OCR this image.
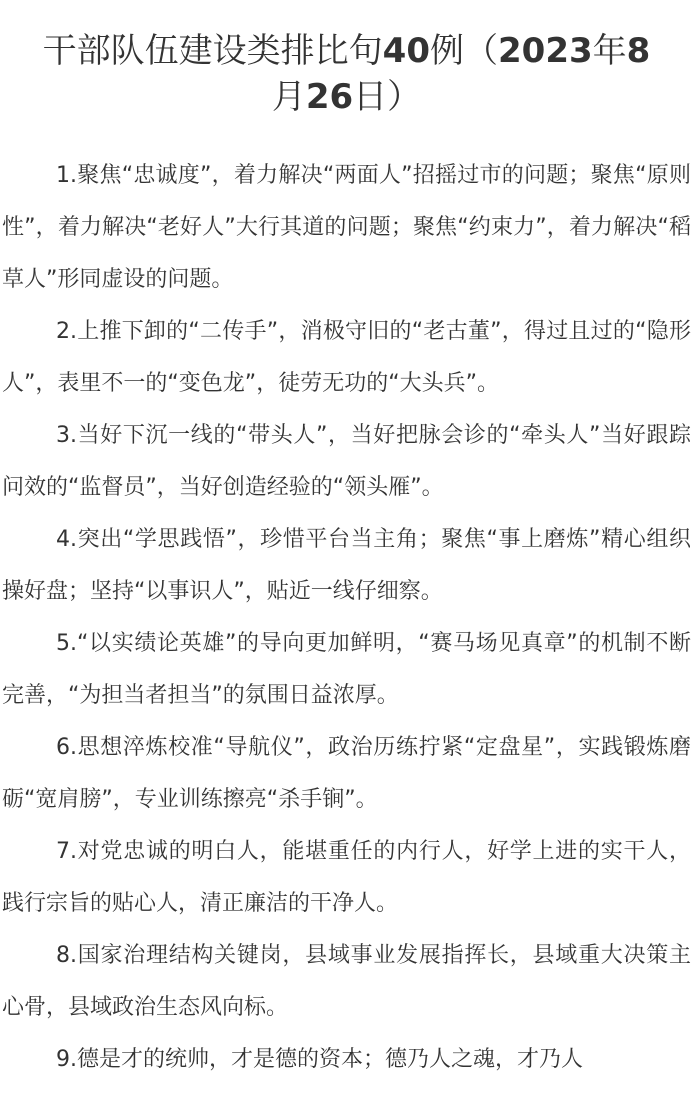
干部队伍建设类排比句40例（2023年8
月26日）

1.聚焦“忠诚度”，着力解决“两面人”招摇过市的问题；聚焦“原则性”，着力解决“老好人”大行其道的问题；聚焦“约束力”，着力解决“稻草人”形同虚设的问题。

2.上推下卸的“二传手”，消极守旧的“老古董”，得过且过的“隐形人”，表里不一的“变色龙”，徒劳无功的“大头兵”。

3.当好下沉一线的“带头人”，当好把脉会诊的“牵头人”当好跟踪问效的“监督员”，当好创造经验的“领头雁”。

4.突出“学思践悟”，珍惜平台当主角；聚焦“事上磨炼”精心组织操好盘；坚持“以事识人”，贴近一线仔细察。

5.“以实绩论英雄”的导向更加鲜明，“赛马场见真章”的机制不断完善，“为担当者担当”的氛围日益浓厚。

6.思想淬炼校准“导航仪”，政治历练拧紧“定盘星”，实践锻炼磨砺“宽肩膀”，专业训练擦亮“杀手锏”。

7.对党忠诚的明白人，能堪重任的内行人，好学上进的实干人，践行宗旨的贴心人，清正廉洁的干净人。

8.国家治理结构关键岗，县域事业发展指挥长，县域重大决策主心骨，县域政治生态风向标。

9.德是才的统帅，才是德的资本；德乃人之魂，才乃人
